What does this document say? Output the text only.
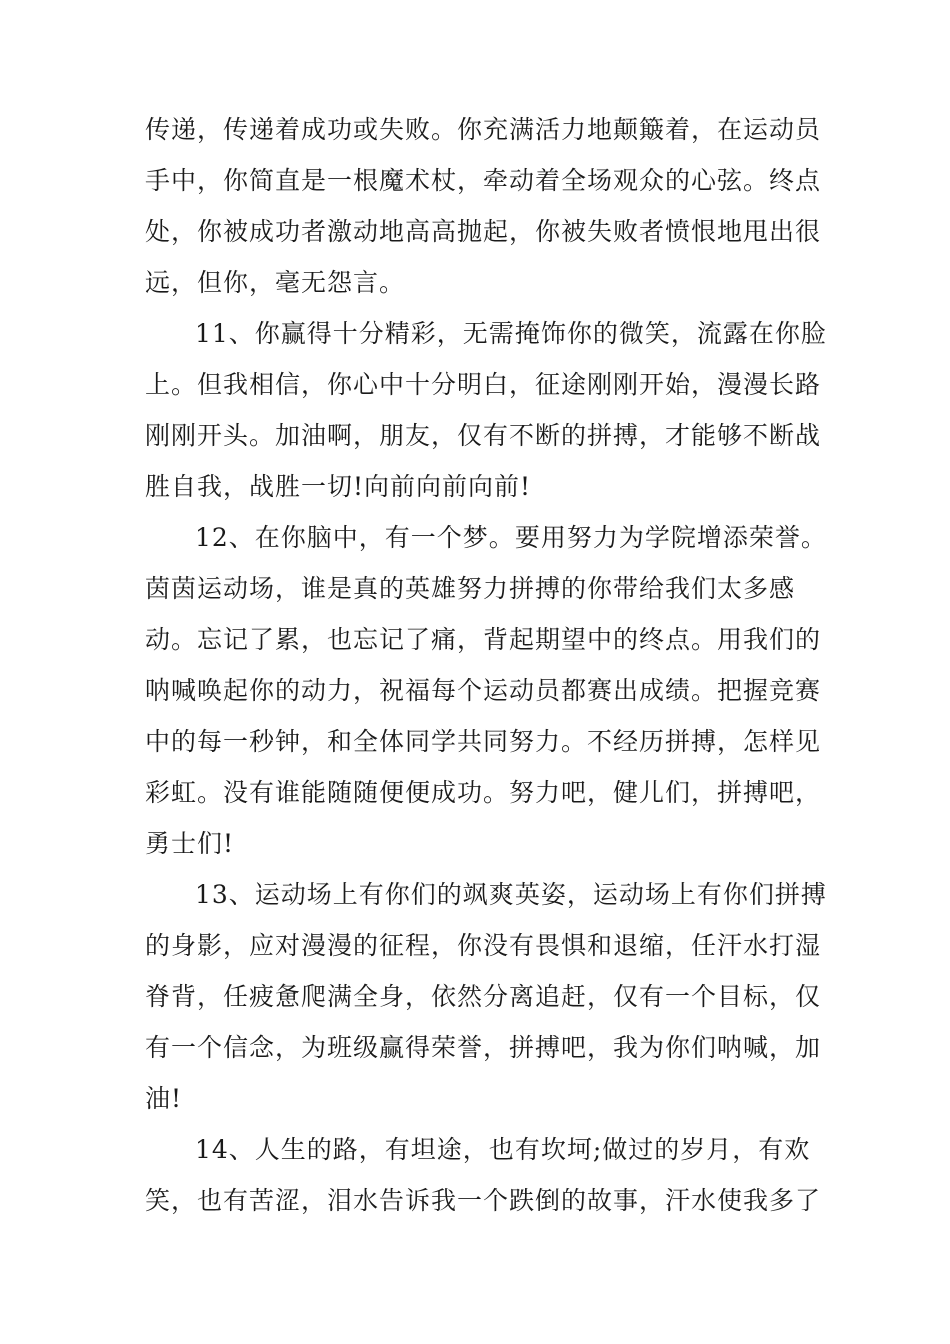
传递，传递着成功或失败。你充满活力地颠簸着，在运动员
手中，你简直是一根魔术杖，牵动着全场观众的心弦。终点
处，你被成功者激动地高高抛起，你被失败者愤恨地甩出很
远，但你，毫无怨言。
11、你赢得十分精彩，无需掩饰你的微笑，流露在你脸
上。但我相信，你心中十分明白，征途刚刚开始，漫漫长路
刚刚开头。加油啊，朋友，仅有不断的拼搏，才能够不断战
胜自我，战胜一切!向前向前向前!
12、在你脑中，有一个梦。要用努力为学院增添荣誉。
茵茵运动场，谁是真的英雄努力拼搏的你带给我们太多感
动。忘记了累，也忘记了痛，背起期望中的终点。用我们的
呐喊唤起你的动力，祝福每个运动员都赛出成绩。把握竞赛
中的每一秒钟，和全体同学共同努力。不经历拼搏，怎样见
彩虹。没有谁能随随便便成功。努力吧，健儿们，拼搏吧，
勇士们!
13、运动场上有你们的飒爽英姿，运动场上有你们拼搏
的身影，应对漫漫的征程，你没有畏惧和退缩，任汗水打湿
脊背，任疲惫爬满全身，依然分离追赶，仅有一个目标，仅
有一个信念，为班级赢得荣誉，拼搏吧，我为你们呐喊，加
油!
14、人生的路，有坦途，也有坎坷;做过的岁月，有欢
笑，也有苦涩，泪水告诉我一个跌倒的故事，汗水使我多了
